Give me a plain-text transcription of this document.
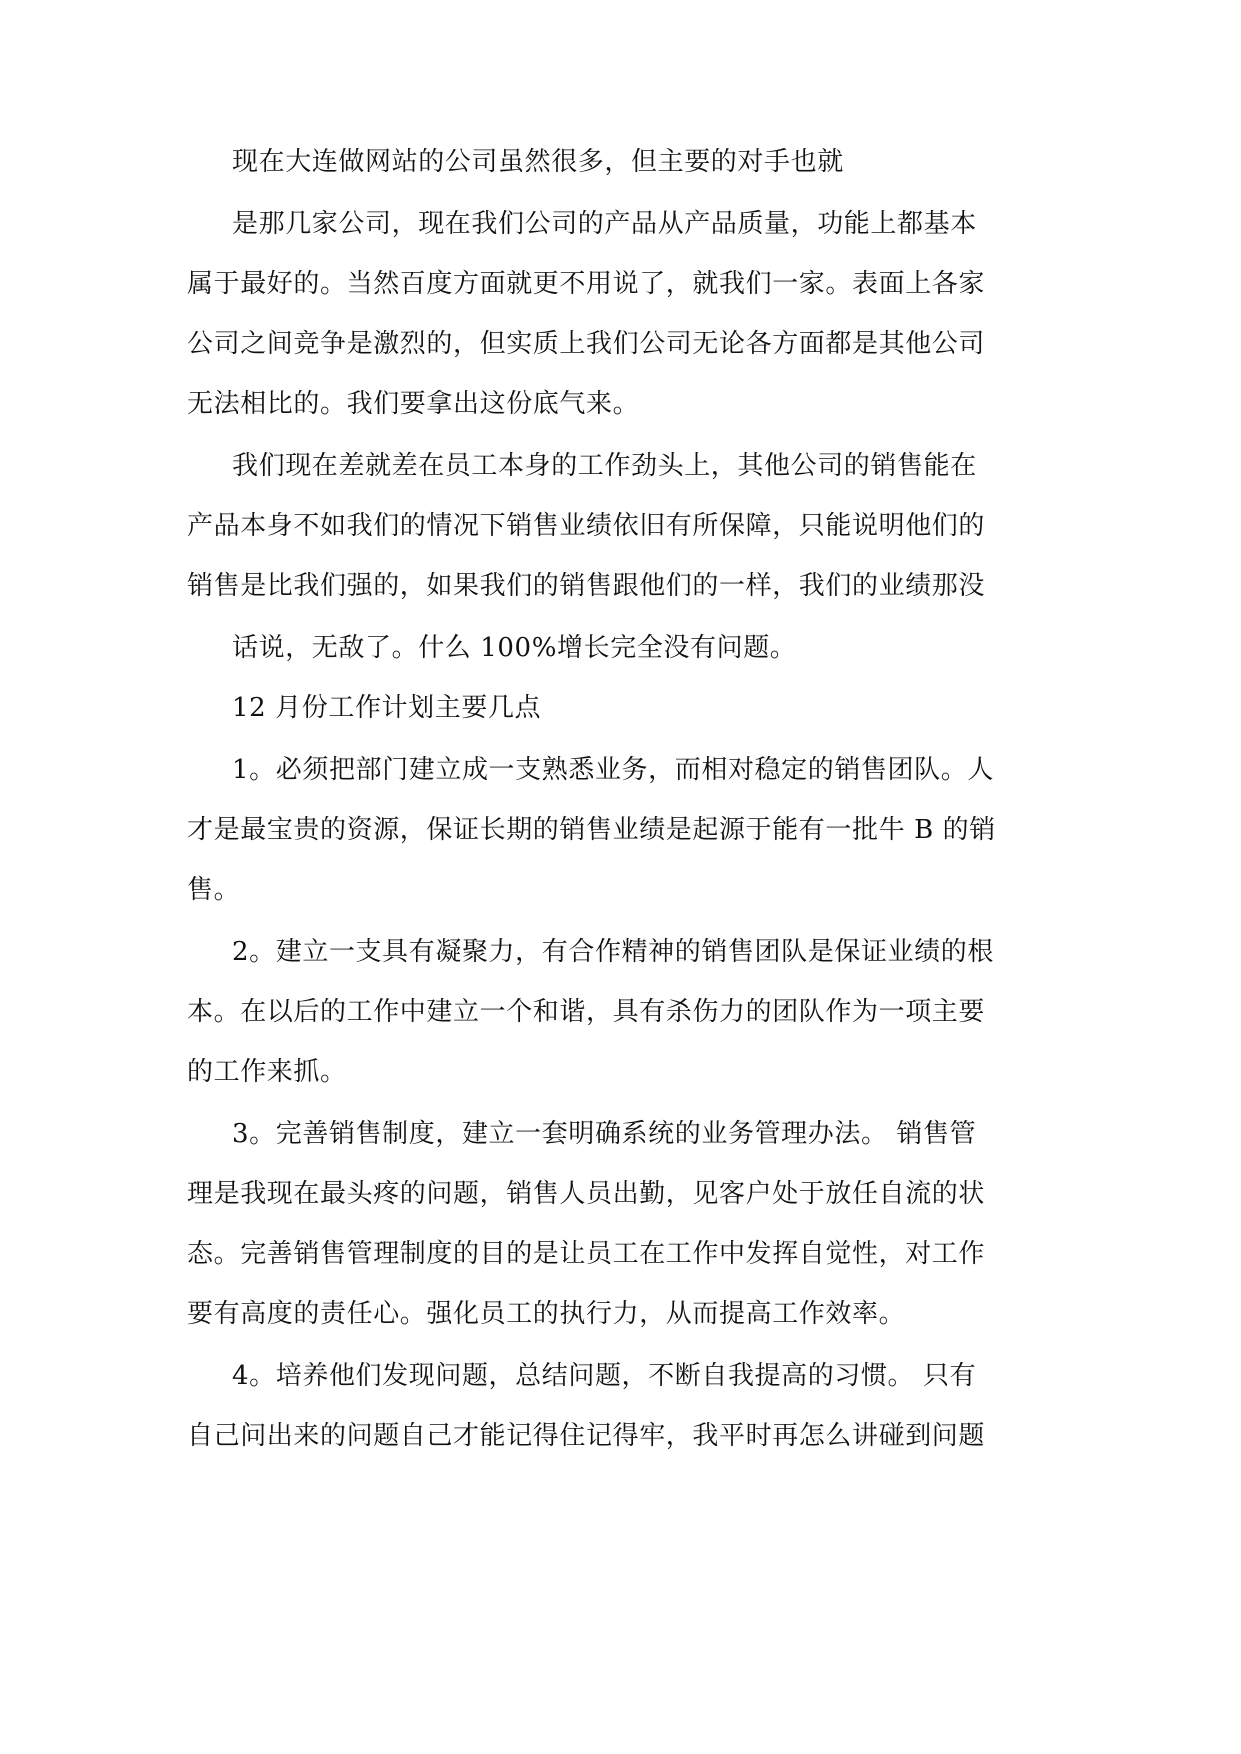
现在大连做网站的公司虽然很多，但主要的对手也就
是那几家公司，现在我们公司的产品从产品质量，功能上都基本
属于最好的。当然百度方面就更不用说了，就我们一家。表面上各家
公司之间竞争是激烈的，但实质上我们公司无论各方面都是其他公司
无法相比的。我们要拿出这份底气来。
我们现在差就差在员工本身的工作劲头上，其他公司的销售能在
产品本身不如我们的情况下销售业绩依旧有所保障，只能说明他们的
销售是比我们强的，如果我们的销售跟他们的一样，我们的业绩那没
话说，无敌了。什么 100%增长完全没有问题。
12 月份工作计划主要几点
1。必须把部门建立成一支熟悉业务，而相对稳定的销售团队。人
才是最宝贵的资源，保证长期的销售业绩是起源于能有一批牛 B 的销
售。
2。建立一支具有凝聚力，有合作精神的销售团队是保证业绩的根
本。在以后的工作中建立一个和谐，具有杀伤力的团队作为一项主要
的工作来抓。
3。完善销售制度，建立一套明确系统的业务管理办法。 销售管
理是我现在最头疼的问题，销售人员出勤，见客户处于放任自流的状
态。完善销售管理制度的目的是让员工在工作中发挥自觉性，对工作
要有高度的责任心。强化员工的执行力，从而提高工作效率。
4。培养他们发现问题，总结问题，不断自我提高的习惯。 只有
自己问出来的问题自己才能记得住记得牢，我平时再怎么讲碰到问题
